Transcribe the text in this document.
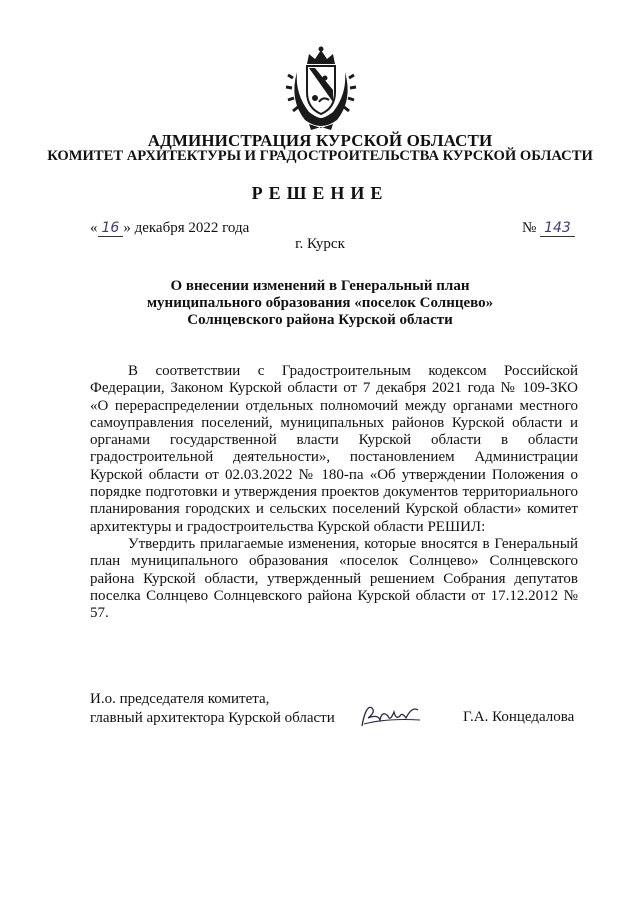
АДМИНИСТРАЦИЯ КУРСКОЙ ОБЛАСТИ
КОМИТЕТ АРХИТЕКТУРЫ И ГРАДОСТРОИТЕЛЬСТВА КУРСКОЙ ОБЛАСТИ
РЕШЕНИЕ
« 16 » декабря 2022 года	№ 143
г. Курск
О внесении изменений в Генеральный план
муниципального образования «поселок Солнцево»
Солнцевского района Курской области

В соответствии с Градостроительным кодексом Российской Федерации, Законом Курской области от 7 декабря 2021 года № 109-ЗКО «О перераспределении отдельных полномочий между органами местного самоуправления поселений, муниципальных районов Курской области и органами государственной власти Курской области в области градостроительной деятельности», постановлением Администрации Курской области от 02.03.2022 № 180-па «Об утверждении Положения о порядке подготовки и утверждения проектов документов территориального планирования городских и сельских поселений Курской области» комитет архитектуры и градостроительства Курской области РЕШИЛ:

Утвердить прилагаемые изменения, которые вносятся в Генеральный план муниципального образования «поселок Солнцево» Солнцевского района Курской области, утвержденный решением Собрания депутатов поселка Солнцево Солнцевского района Курской области от 17.12.2012 № 57.

И.о. председателя комитета,
главный архитектора Курской области	Г.А. Концедалова
